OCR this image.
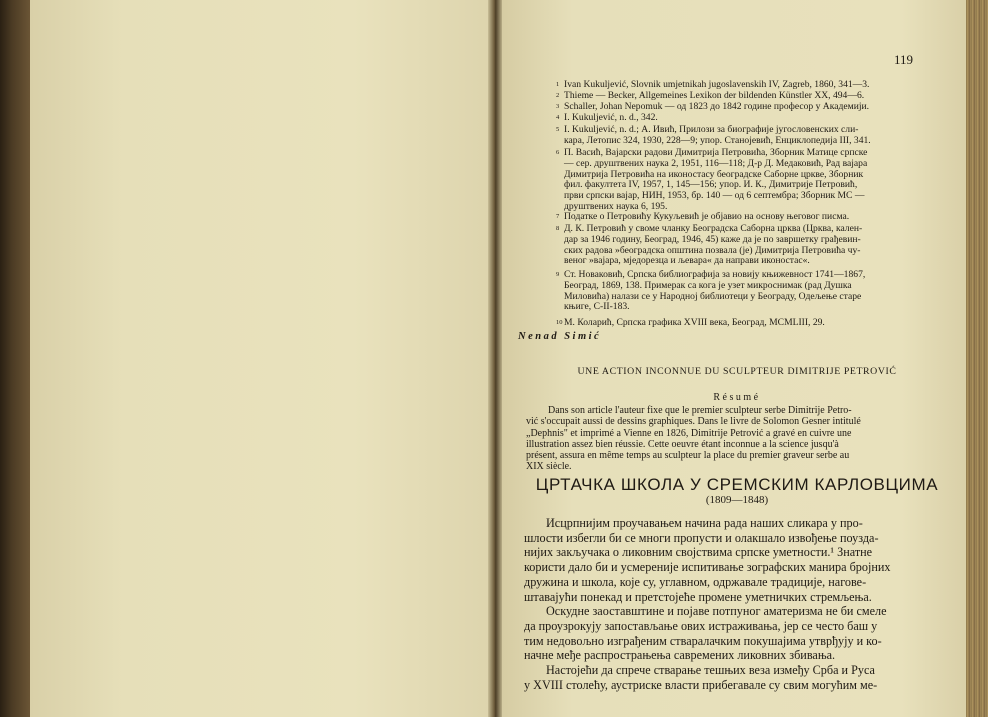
119
1 Ivan Kukuljević, Slovnik umjetnikah jugoslavenskih IV, Zagreb, 1860, 341—3.
2 Thieme — Becker, Allgemeines Lexikon der bildenden Künstler XX, 494—6.
3 Schaller, Johan Nepomuk — од 1823 до 1842 године професор у Академији.
4 I. Kukuljević, n. d., 342.
5 I. Kukuljević, n. d.; А. Ивић, Прилози за биографије југословенских сли-
кара, Летопис 324, 1930, 228—9; упор. Станојевић, Енциклопедија III, 341.
6 П. Васић, Ваjарски радови Димитрија Петровића, Зборник Матице српске
— сер. друштвених наука 2, 1951, 116—118; Д-р Д. Медаковић, Рад вајара
Димитрија Петровића на иконостасу београдске Саборне цркве, Зборник
фил. факултета IV, 1957, 1, 145—156; упор. И. К., Димитрије Петровић,
први српски вајар, НИН, 1953, бр. 140 — од 6 септембра; Зборник МС —
друштвених наука 6, 195.
7 Податке о Петровићу Кукуљевић је објавио на основу његовог писма.
8 Д. К. Петровић у своме чланку Београдска Саборна црква (Црква, кален-
дар за 1946 годину, Београд, 1946, 45) каже да је по завршетку грађевин-
ских радова »београдска општина позвала (је) Димитрија Петровића чу-
веног »вајара, мједорезца и љевара« да направи иконостас«.
9 Ст. Новаковић, Српска библиографија за новију књижевност 1741—1867,
Београд, 1869, 138. Примерак са кога је узет микроснимак (рад Душка
Миловића) налази се у Народној библиотеци у Београду, Одељење старе
књиге, С-II-183.
10 М. Коларић, Српска графика XVIII века, Београд, MCMLIII, 29.
Nenad Simić
UNE ACTION INCONNUE DU SCULPTEUR DIMITRIJE PETROVIĆ
Résumé
Dans son article l'auteur fixe que le premier sculpteur serbe Dimitrije Petro-
vić s'occupait aussi de dessins graphiques. Dans le livre de Solomon Gesner intitulé
„Dephnis" et imprimé a Vienne en 1826, Dimitrije Petrović a gravé en cuivre une
illustration assez bien réussie. Cette oeuvre étant inconnue a la science jusqu'à
présent, assura en même temps au sculpteur la place du premier graveur serbe au
XIX siècle.
ЦРТАЧКА ШКОЛА У СРЕМСКИМ КАРЛОВЦИМА
(1809—1848)
Исцрпнијим проучавањем начина рада наших сликара у про-
шлости избегли би се многи пропусти и олакшало извођење поузда-
нијих закључака о ликовним својствима српске уметности.¹ Знатне
користи дало би и усмереније испитивање зографских манира бројних
дружина и школа, које су, углавном, одржавале традиције, нагове-
штавајући понекад и претстојеће промене уметничких стремљења.
Оскудне заоставштине и појаве потпуног аматеризма не би смеле
да проузрокују запостављање ових истраживања, јер се често баш у
тим недовољно изграђеним стваралачким покушајима утврђују и ко-
начне међе распрострањења савремених ликовних збивања.
Настојећи да спрече стварање тешњих веза између Срба и Руса
у XVIII столећу, аустриске власти прибегавале су свим могућим ме-
